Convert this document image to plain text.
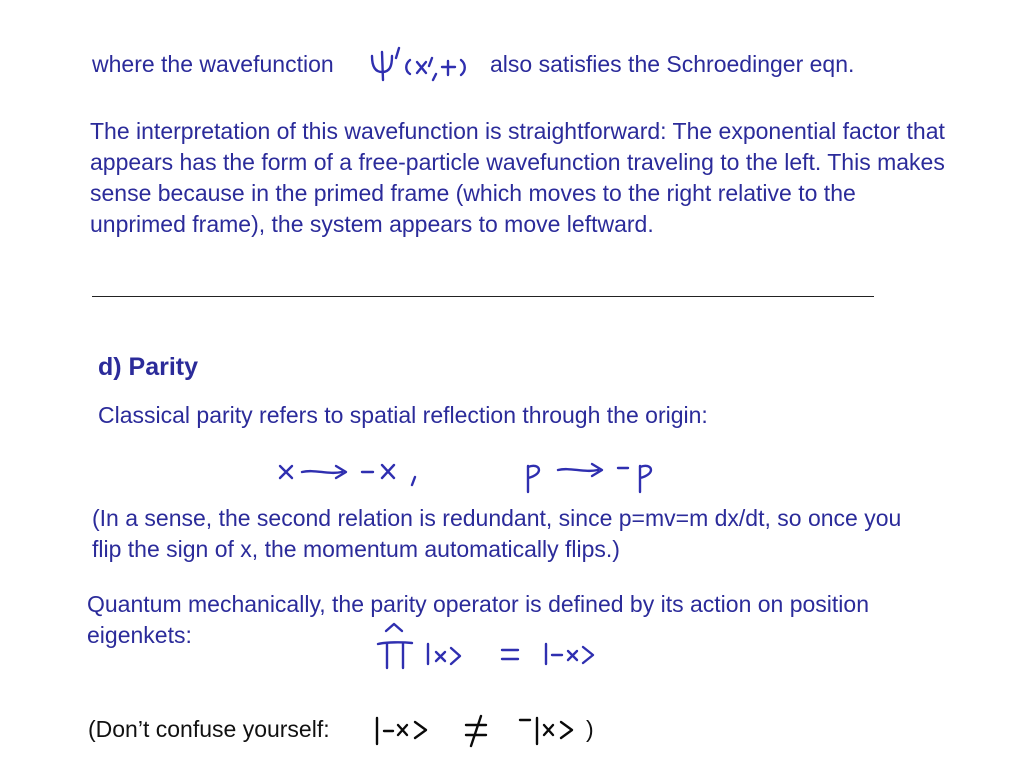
where the wavefunction	also satisfies the Schroedinger eqn.

The interpretation of this wavefunction is straightforward: The exponential factor that appears has the form of a free-particle wavefunction traveling to the left. This makes sense because in the primed frame (which moves to the right relative to the unprimed frame), the system appears to move leftward.

d) Parity

Classical parity refers to spatial reflection through the origin:

(In a sense, the second relation is redundant, since p=mv=m dx/dt, so once you flip the sign of x, the momentum automatically flips.)

Quantum mechanically, the parity operator is defined by its action on position eigenkets:

(Don’t confuse yourself:	)
